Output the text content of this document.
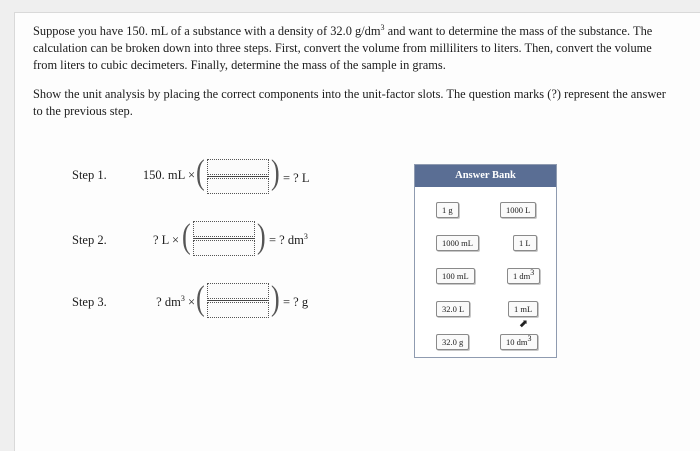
Suppose you have 150. mL of a substance with a density of 32.0 $g/dm^3$ and want to determine the mass of the substance. The calculation can be broken down into three steps. First, convert the volume from milliliters to liters. Then, convert the volume from liters to cubic decimeters. Finally, determine the mass of the sample in grams.

Show the unit analysis by placing the correct components into the unit-factor slots. The question marks (?) represent the answer to the previous step.

Step 1.	150. mL × (	) = ? L
Step 2.	? L × (	) = ? $dm^3$
Step 3.	? $dm^3$ × (	) = ? g
Answer Bank
1 g	1000 L
1000 mL	1 L
100 mL	1 $dm^3$
32.0 L	1 mL
⬈
32.0 g	10 $dm^3$
